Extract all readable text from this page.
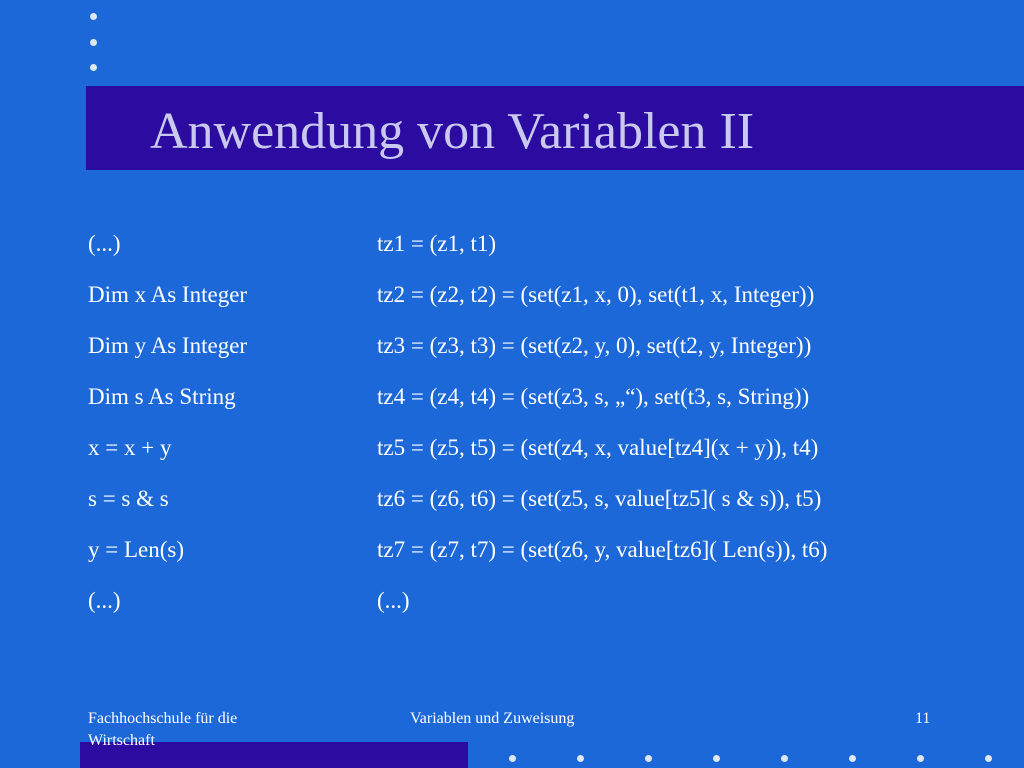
Anwendung von Variablen II
(...)	tz1 = (z1, t1)
Dim x As Integer	tz2 = (z2, t2) = (set(z1, x, 0), set(t1, x, Integer))
Dim y As Integer	tz3 = (z3, t3) = (set(z2, y, 0), set(t2, y, Integer))
Dim s As String	tz4 = (z4, t4) = (set(z3, s, „“), set(t3, s, String))
x = x + y	tz5 = (z5, t5) = (set(z4, x, value[tz4](x + y)), t4)
s = s & s	tz6 = (z6, t6) = (set(z5, s, value[tz5]( s & s)), t5)
y = Len(s)	tz7 = (z7, t7) = (set(z6, y, value[tz6]( Len(s)), t6)
(...)	(...)
Fachhochschule für die
Wirtschaft
Variablen und Zuweisung	11
